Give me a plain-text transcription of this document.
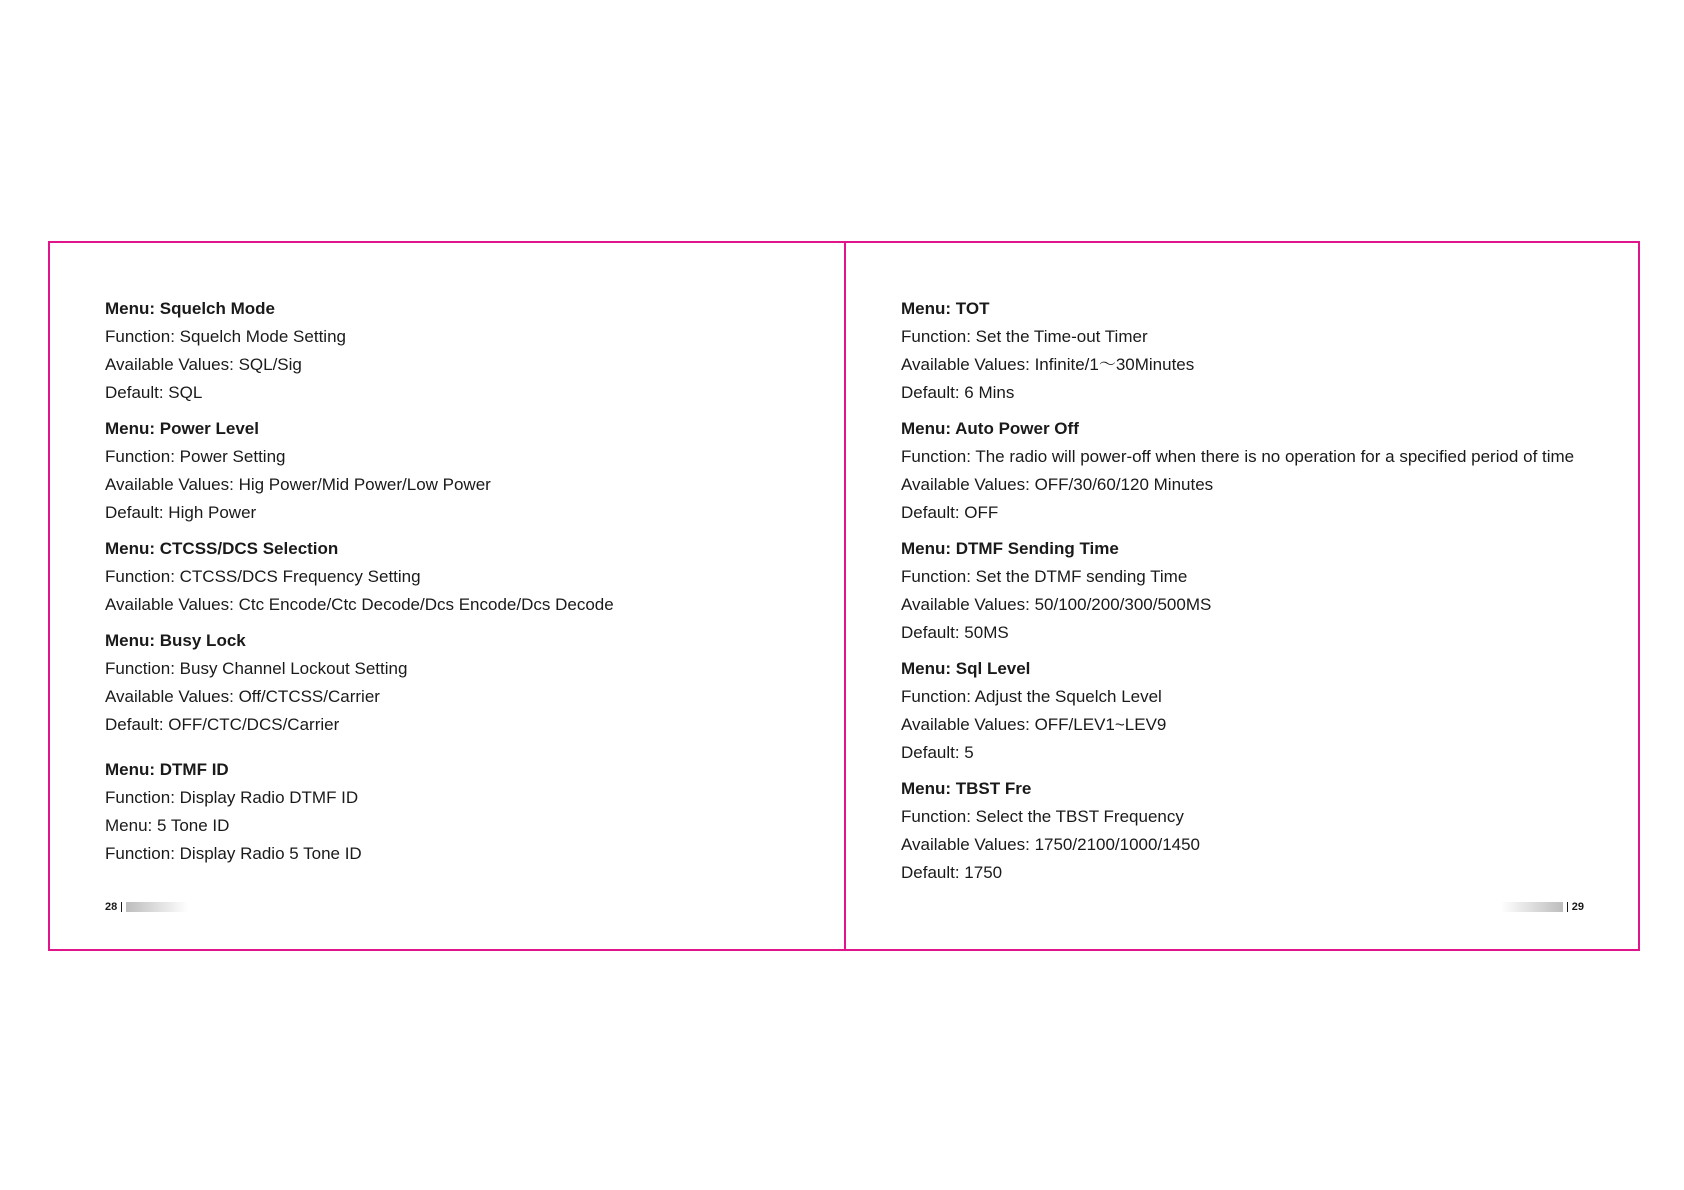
Menu: Squelch Mode
Function: Squelch Mode Setting
Available Values: SQL/Sig
Default: SQL
Menu: Power Level
Function: Power Setting
Available Values: Hig Power/Mid Power/Low Power
Default: High Power
Menu: CTCSS/DCS Selection
Function: CTCSS/DCS Frequency Setting
Available Values: Ctc Encode/Ctc Decode/Dcs Encode/Dcs Decode
Menu: Busy Lock
Function: Busy Channel Lockout Setting
Available Values: Off/CTCSS/Carrier
Default: OFF/CTC/DCS/Carrier
Menu: DTMF ID
Function: Display Radio DTMF ID
Menu: 5 Tone ID
Function: Display Radio 5 Tone ID
28
Menu: TOT
Function: Set the Time-out Timer
Available Values: Infinite/1～30Minutes
Default: 6 Mins
Menu: Auto Power Off
Function: The radio will power-off when there is no operation for a specified period of time
Available Values: OFF/30/60/120 Minutes
Default: OFF
Menu: DTMF Sending Time
Function: Set the DTMF sending Time
Available Values: 50/100/200/300/500MS
Default: 50MS
Menu: Sql Level
Function: Adjust the Squelch Level
Available Values: OFF/LEV1~LEV9
Default: 5
Menu: TBST Fre
Function: Select the TBST Frequency
Available Values: 1750/2100/1000/1450
Default: 1750
29
